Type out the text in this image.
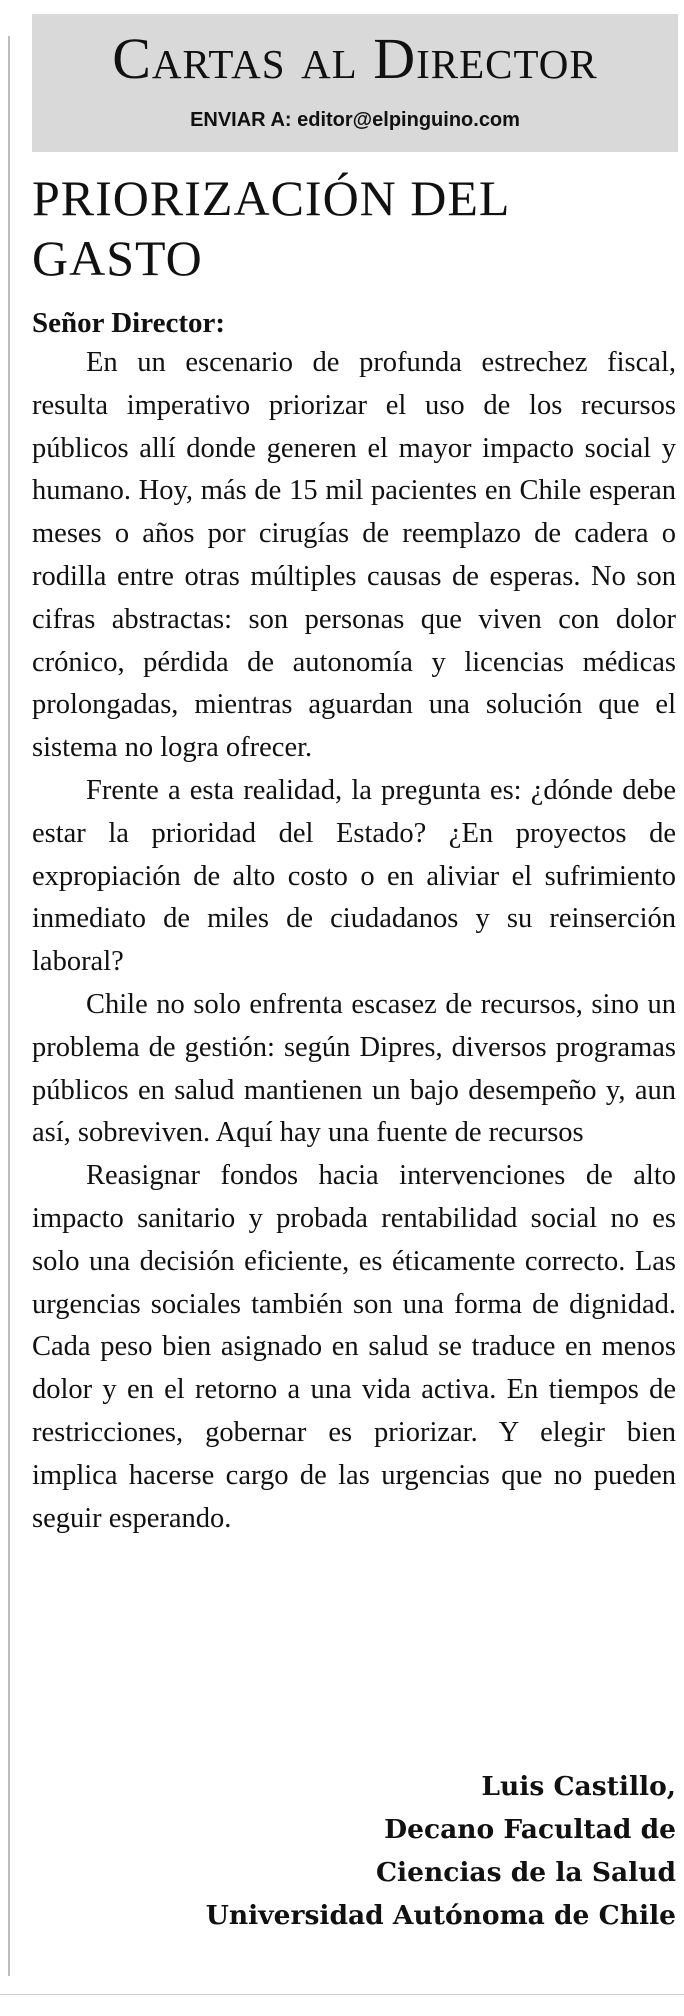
Cartas al Director
ENVIAR A: editor@elpinguino.com
PRIORIZACIÓN DEL GASTO
Señor Director:

En un escenario de profunda estrechez fiscal, resulta imperativo priorizar el uso de los recursos públicos allí donde generen el mayor impacto social y humano. Hoy, más de 15 mil pacientes en Chile esperan meses o años por cirugías de reemplazo de cadera o rodilla entre otras múltiples causas de esperas. No son cifras abstractas: son personas que viven con dolor crónico, pérdida de autonomía y licencias médicas prolongadas, mientras aguardan una solución que el sistema no logra ofrecer.

Frente a esta realidad, la pregunta es: ¿dónde debe estar la prioridad del Estado? ¿En proyectos de expropiación de alto costo o en aliviar el sufrimiento inmediato de miles de ciudadanos y su reinserción laboral?

Chile no solo enfrenta escasez de recursos, sino un problema de gestión: según Dipres, diversos programas públicos en salud mantienen un bajo desempeño y, aun así, sobreviven. Aquí hay una fuente de recursos

Reasignar fondos hacia intervenciones de alto impacto sanitario y probada rentabilidad social no es solo una decisión eficiente, es éticamente correcto. Las urgencias sociales también son una forma de dignidad. Cada peso bien asignado en salud se traduce en menos dolor y en el retorno a una vida activa. En tiempos de restricciones, gobernar es priorizar. Y elegir bien implica hacerse cargo de las urgencias que no pueden seguir esperando.

Luis Castillo,
Decano Facultad de
Ciencias de la Salud
Universidad Autónoma de Chile
